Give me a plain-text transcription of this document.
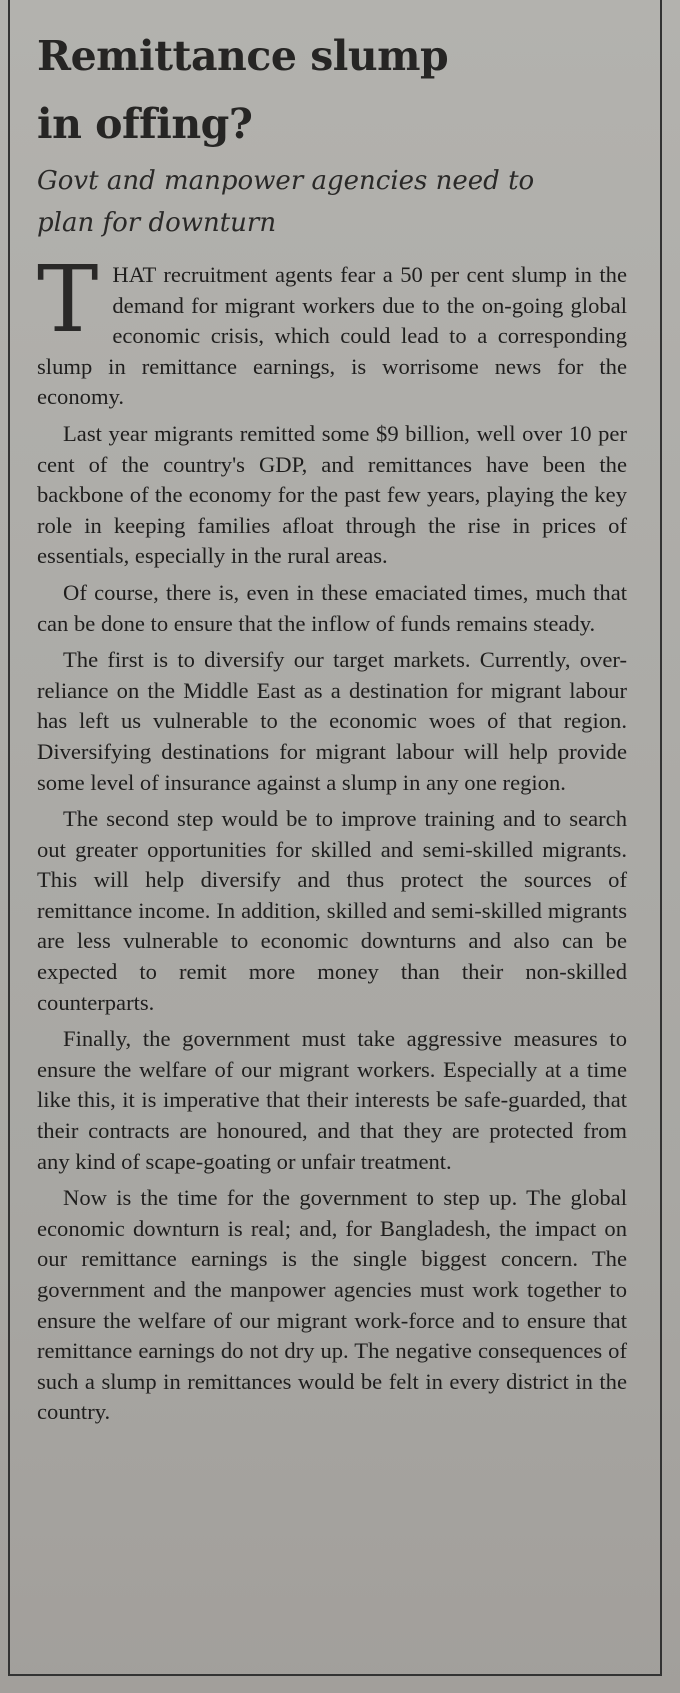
Remittance slump
in offing?
Govt and manpower agencies need to plan for downturn

THAT recruitment agents fear a 50 per cent slump in the demand for migrant workers due to the on-going global economic crisis, which could lead to a corresponding slump in remittance earnings, is worrisome news for the economy.

Last year migrants remitted some $9 billion, well over 10 per cent of the country's GDP, and remittances have been the backbone of the economy for the past few years, playing the key role in keeping families afloat through the rise in prices of essentials, especially in the rural areas.

Of course, there is, even in these emaciated times, much that can be done to ensure that the inflow of funds remains steady.

The first is to diversify our target markets. Currently, over-reliance on the Middle East as a destination for migrant labour has left us vulnerable to the economic woes of that region. Diversifying destinations for migrant labour will help provide some level of insurance against a slump in any one region.

The second step would be to improve training and to search out greater opportunities for skilled and semi-skilled migrants. This will help diversify and thus protect the sources of remittance income. In addition, skilled and semi-skilled migrants are less vulnerable to economic downturns and also can be expected to remit more money than their non-skilled counterparts.

Finally, the government must take aggressive measures to ensure the welfare of our migrant workers. Especially at a time like this, it is imperative that their interests be safe-guarded, that their contracts are honoured, and that they are protected from any kind of scape-goating or unfair treatment.

Now is the time for the government to step up. The global economic downturn is real; and, for Bangladesh, the impact on our remittance earnings is the single biggest concern. The government and the manpower agencies must work together to ensure the welfare of our migrant work-force and to ensure that remittance earnings do not dry up. The negative consequences of such a slump in remittances would be felt in every district in the country.
